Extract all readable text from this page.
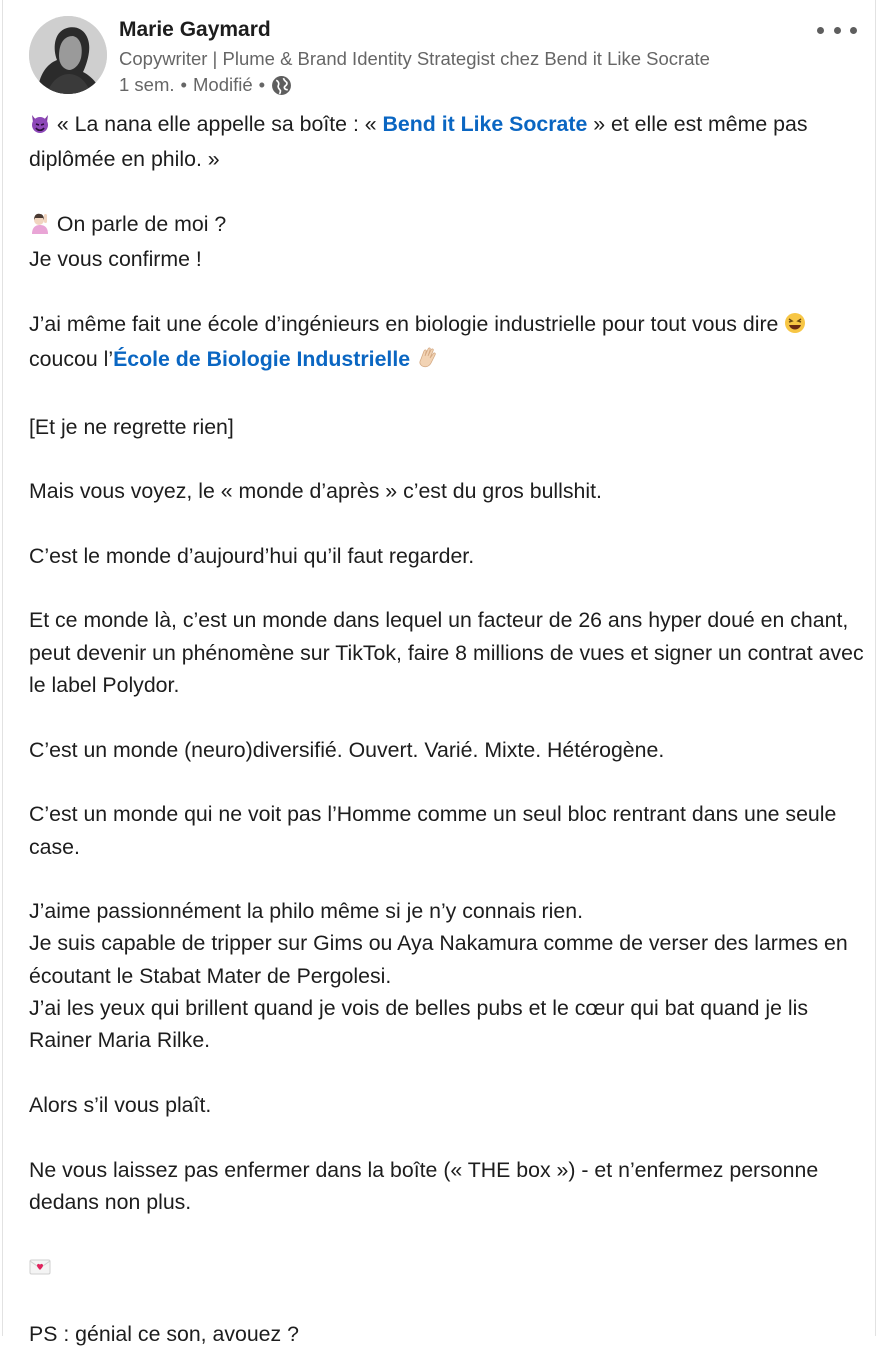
Marie Gaymard
Copywriter | Plume & Brand Identity Strategist chez Bend it Like Socrate
1 sem. • Modifié •
« La nana elle appelle sa boîte : « Bend it Like Socrate » et elle est même pas diplômée en philo. »
On parle de moi ?
Je vous confirme !
J’ai même fait une école d’ingénieurs en biologie industrielle pour tout vous dire  coucou l’École de Biologie Industrielle
[Et je ne regrette rien]
Mais vous voyez, le « monde d’après » c’est du gros bullshit.
C’est le monde d’aujourd’hui qu’il faut regarder.
Et ce monde là, c’est un monde dans lequel un facteur de 26 ans hyper doué en chant, peut devenir un phénomène sur TikTok, faire 8 millions de vues et signer un contrat avec le label Polydor.
C’est un monde (neuro)diversifié. Ouvert. Varié. Mixte. Hétérogène.
C’est un monde qui ne voit pas l’Homme comme un seul bloc rentrant dans une seule case.
J’aime passionnément la philo même si je n’y connais rien.
Je suis capable de tripper sur Gims ou Aya Nakamura comme de verser des larmes en écoutant le Stabat Mater de Pergolesi.
J’ai les yeux qui brillent quand je vois de belles pubs et le cœur qui bat quand je lis Rainer Maria Rilke.
Alors s’il vous plaît.
Ne vous laissez pas enfermer dans la boîte (« THE box ») - et n’enfermez personne dedans non plus.
PS : génial ce son, avouez ?
